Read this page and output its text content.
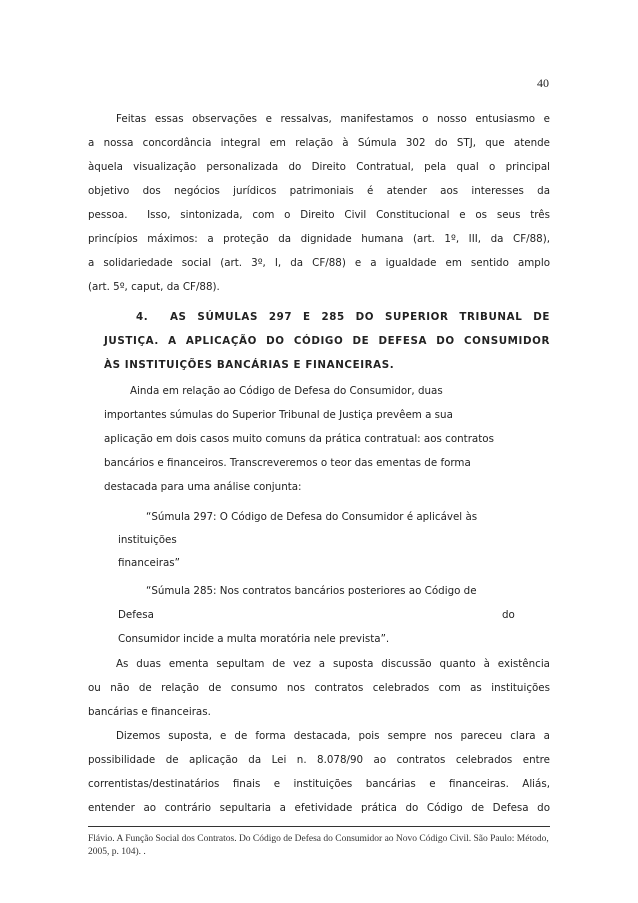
40
Feitas essas observações e ressalvas, manifestamos o nosso entusiasmo e
a nossa concordância integral em relação à Súmula 302 do STJ, que atende
àquela visualização personalizada do Direito Contratual, pela qual o principal
objetivo dos negócios jurídicos patrimoniais é atender aos interesses da
pessoa.  Isso, sintonizada, com o Direito Civil Constitucional e os seus três
princípios máximos: a proteção da dignidade humana (art. 1º, III, da CF/88),
a solidariedade social (art. 3º, I, da CF/88) e a igualdade em sentido amplo
(art. 5º, caput, da CF/88).
4.  AS SÚMULAS 297 E 285 DO SUPERIOR TRIBUNAL DE
JUSTIÇA. A APLICAÇÃO DO CÓDIGO DE DEFESA DO CONSUMIDOR
ÀS INSTITUIÇÕES BANCÁRIAS E FINANCEIRAS.
Ainda em relação ao Código de Defesa do Consumidor, duas
importantes súmulas do Superior Tribunal de Justiça prevêem a sua
aplicação em dois casos muito comuns da prática contratual: aos contratos
bancários e financeiros. Transcreveremos o teor das ementas de forma
destacada para uma análise conjunta:
“Súmula 297: O Código de Defesa do Consumidor é aplicável às
instituições
financeiras”
“Súmula 285: Nos contratos bancários posteriores ao Código de
Defesa	do
Consumidor incide a multa moratória nele prevista”.
As duas ementa sepultam de vez a suposta discussão quanto à existência
ou não de relação de consumo nos contratos celebrados com as instituições
bancárias e financeiras.
Dizemos suposta, e de forma destacada, pois sempre nos pareceu clara a
possibilidade de aplicação da Lei n. 8.078/90 ao contratos celebrados entre
correntistas/destinatários finais e instituições bancárias e financeiras. Aliás,
entender ao contrário sepultaria a efetividade prática do Código de Defesa do
Flávio. A Função Social dos Contratos. Do Código de Defesa do Consumidor ao Novo Código Civil. São Paulo: Método, 2005, p. 104). .
